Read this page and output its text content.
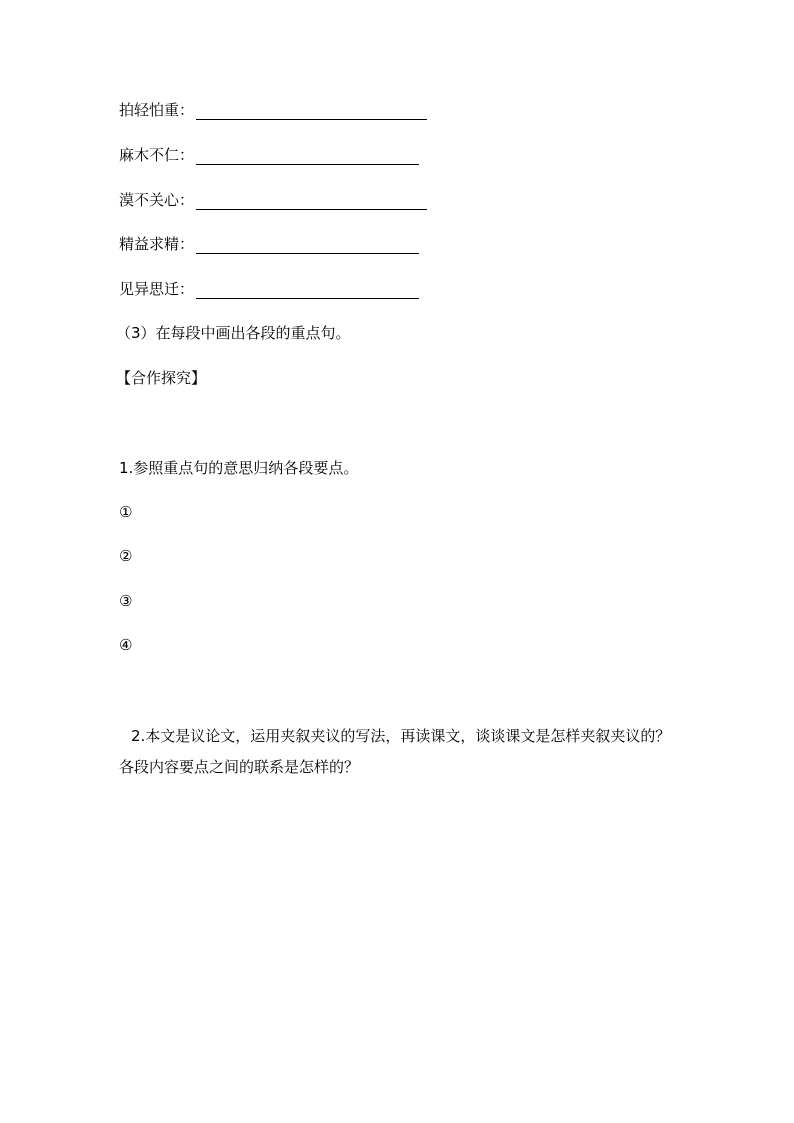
拍轻怕重：
麻木不仁：
漠不关心：
精益求精：
见异思迁：
（3）在每段中画出各段的重点句。
【合作探究】
1.参照重点句的意思归纳各段要点。
①
②
③
④
2.本文是议论文，运用夹叙夹议的写法，再读课文，谈谈课文是怎样夹叙夹议的？各段内容要点之间的联系是怎样的？
